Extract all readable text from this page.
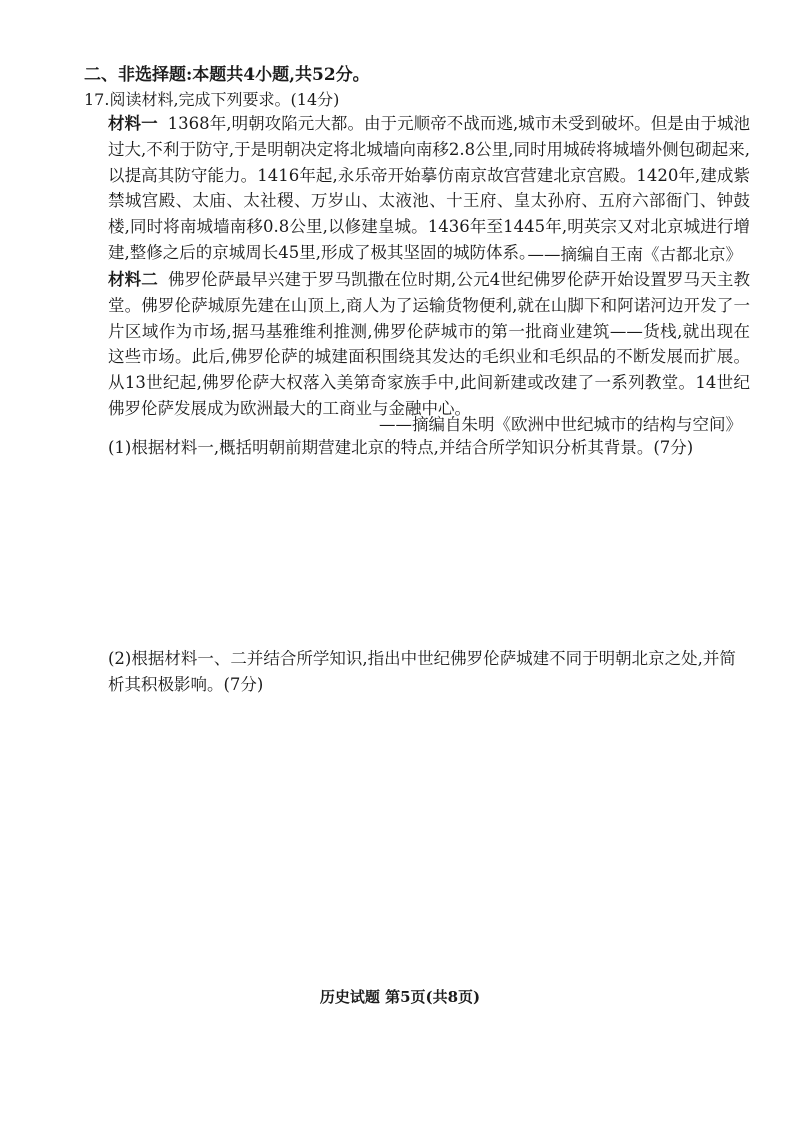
二、非选择题:本题共4小题,共52分。
17.阅读材料,完成下列要求。(14分)
材料一 1368年,明朝攻陷元大都。由于元顺帝不战而逃,城市未受到破坏。但是由于城池过大,不利于防守,于是明朝决定将北城墙向南移2.8公里,同时用城砖将城墙外侧包砌起来,以提高其防守能力。1416年起,永乐帝开始摹仿南京故宫营建北京宫殿。1420年,建成紫禁城宫殿、太庙、太社稷、万岁山、太液池、十王府、皇太孙府、五府六部衙门、钟鼓楼,同时将南城墙南移0.8公里,以修建皇城。1436年至1445年,明英宗又对北京城进行增建,整修之后的京城周长45里,形成了极其坚固的城防体系。
——摘编自王南《古都北京》
材料二 佛罗伦萨最早兴建于罗马凯撒在位时期,公元4世纪佛罗伦萨开始设置罗马天主教堂。佛罗伦萨城原先建在山顶上,商人为了运输货物便利,就在山脚下和阿诺河边开发了一片区域作为市场,据马基雅维利推测,佛罗伦萨城市的第一批商业建筑——货栈,就出现在这些市场。此后,佛罗伦萨的城建面积围绕其发达的毛织业和毛织品的不断发展而扩展。从13世纪起,佛罗伦萨大权落入美第奇家族手中,此间新建或改建了一系列教堂。14世纪佛罗伦萨发展成为欧洲最大的工商业与金融中心。
——摘编自朱明《欧洲中世纪城市的结构与空间》
(1)根据材料一,概括明朝前期营建北京的特点,并结合所学知识分析其背景。(7分)
(2)根据材料一、二并结合所学知识,指出中世纪佛罗伦萨城建不同于明朝北京之处,并简析其积极影响。(7分)
历史试题 第5页(共8页)
